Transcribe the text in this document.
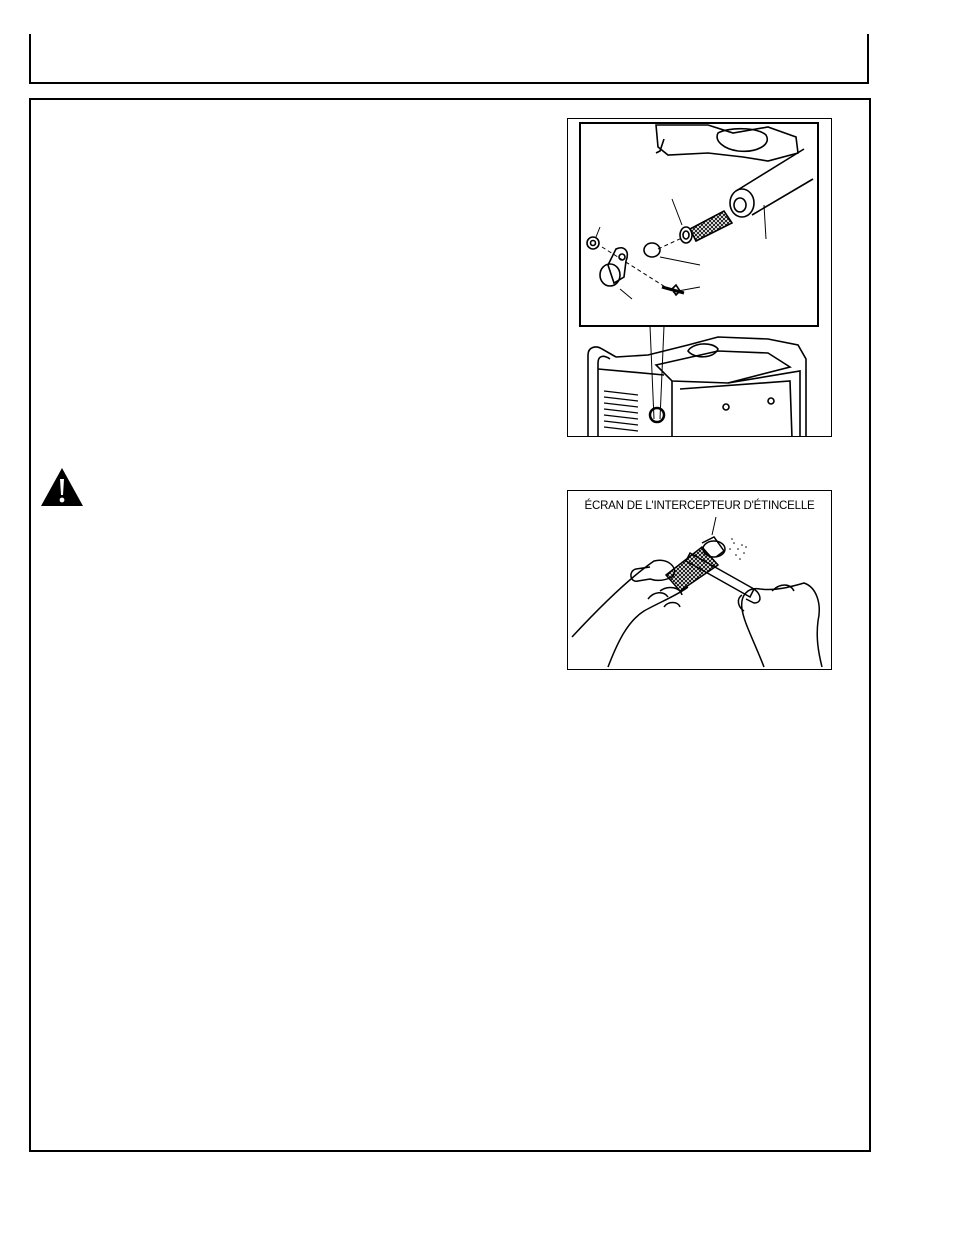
ÉCRAN DE L'INTERCEPTEUR D'ÉTINCELLE
